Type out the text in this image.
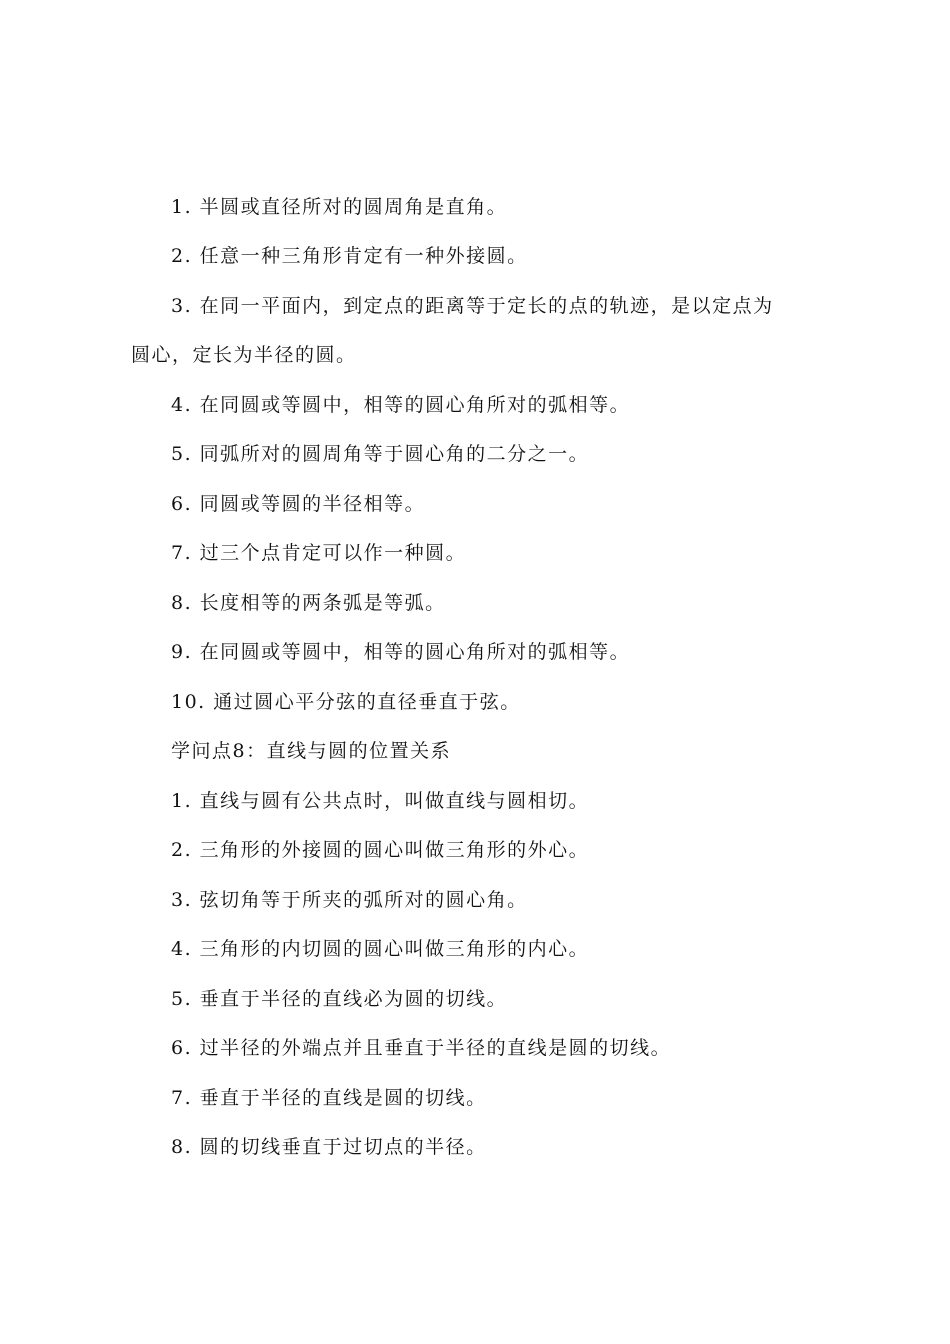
1. 半圆或直径所对的圆周角是直角。
2. 任意一种三角形肯定有一种外接圆。
3. 在同一平面内，到定点的距离等于定长的点的轨迹，是以定点为
圆心，定长为半径的圆。
4. 在同圆或等圆中，相等的圆心角所对的弧相等。
5. 同弧所对的圆周角等于圆心角的二分之一。
6. 同圆或等圆的半径相等。
7. 过三个点肯定可以作一种圆。
8. 长度相等的两条弧是等弧。
9. 在同圆或等圆中，相等的圆心角所对的弧相等。
10. 通过圆心平分弦的直径垂直于弦。
学问点8：直线与圆的位置关系
1. 直线与圆有公共点时，叫做直线与圆相切。
2. 三角形的外接圆的圆心叫做三角形的外心。
3. 弦切角等于所夹的弧所对的圆心角。
4. 三角形的内切圆的圆心叫做三角形的内心。
5. 垂直于半径的直线必为圆的切线。
6. 过半径的外端点并且垂直于半径的直线是圆的切线。
7. 垂直于半径的直线是圆的切线。
8. 圆的切线垂直于过切点的半径。
